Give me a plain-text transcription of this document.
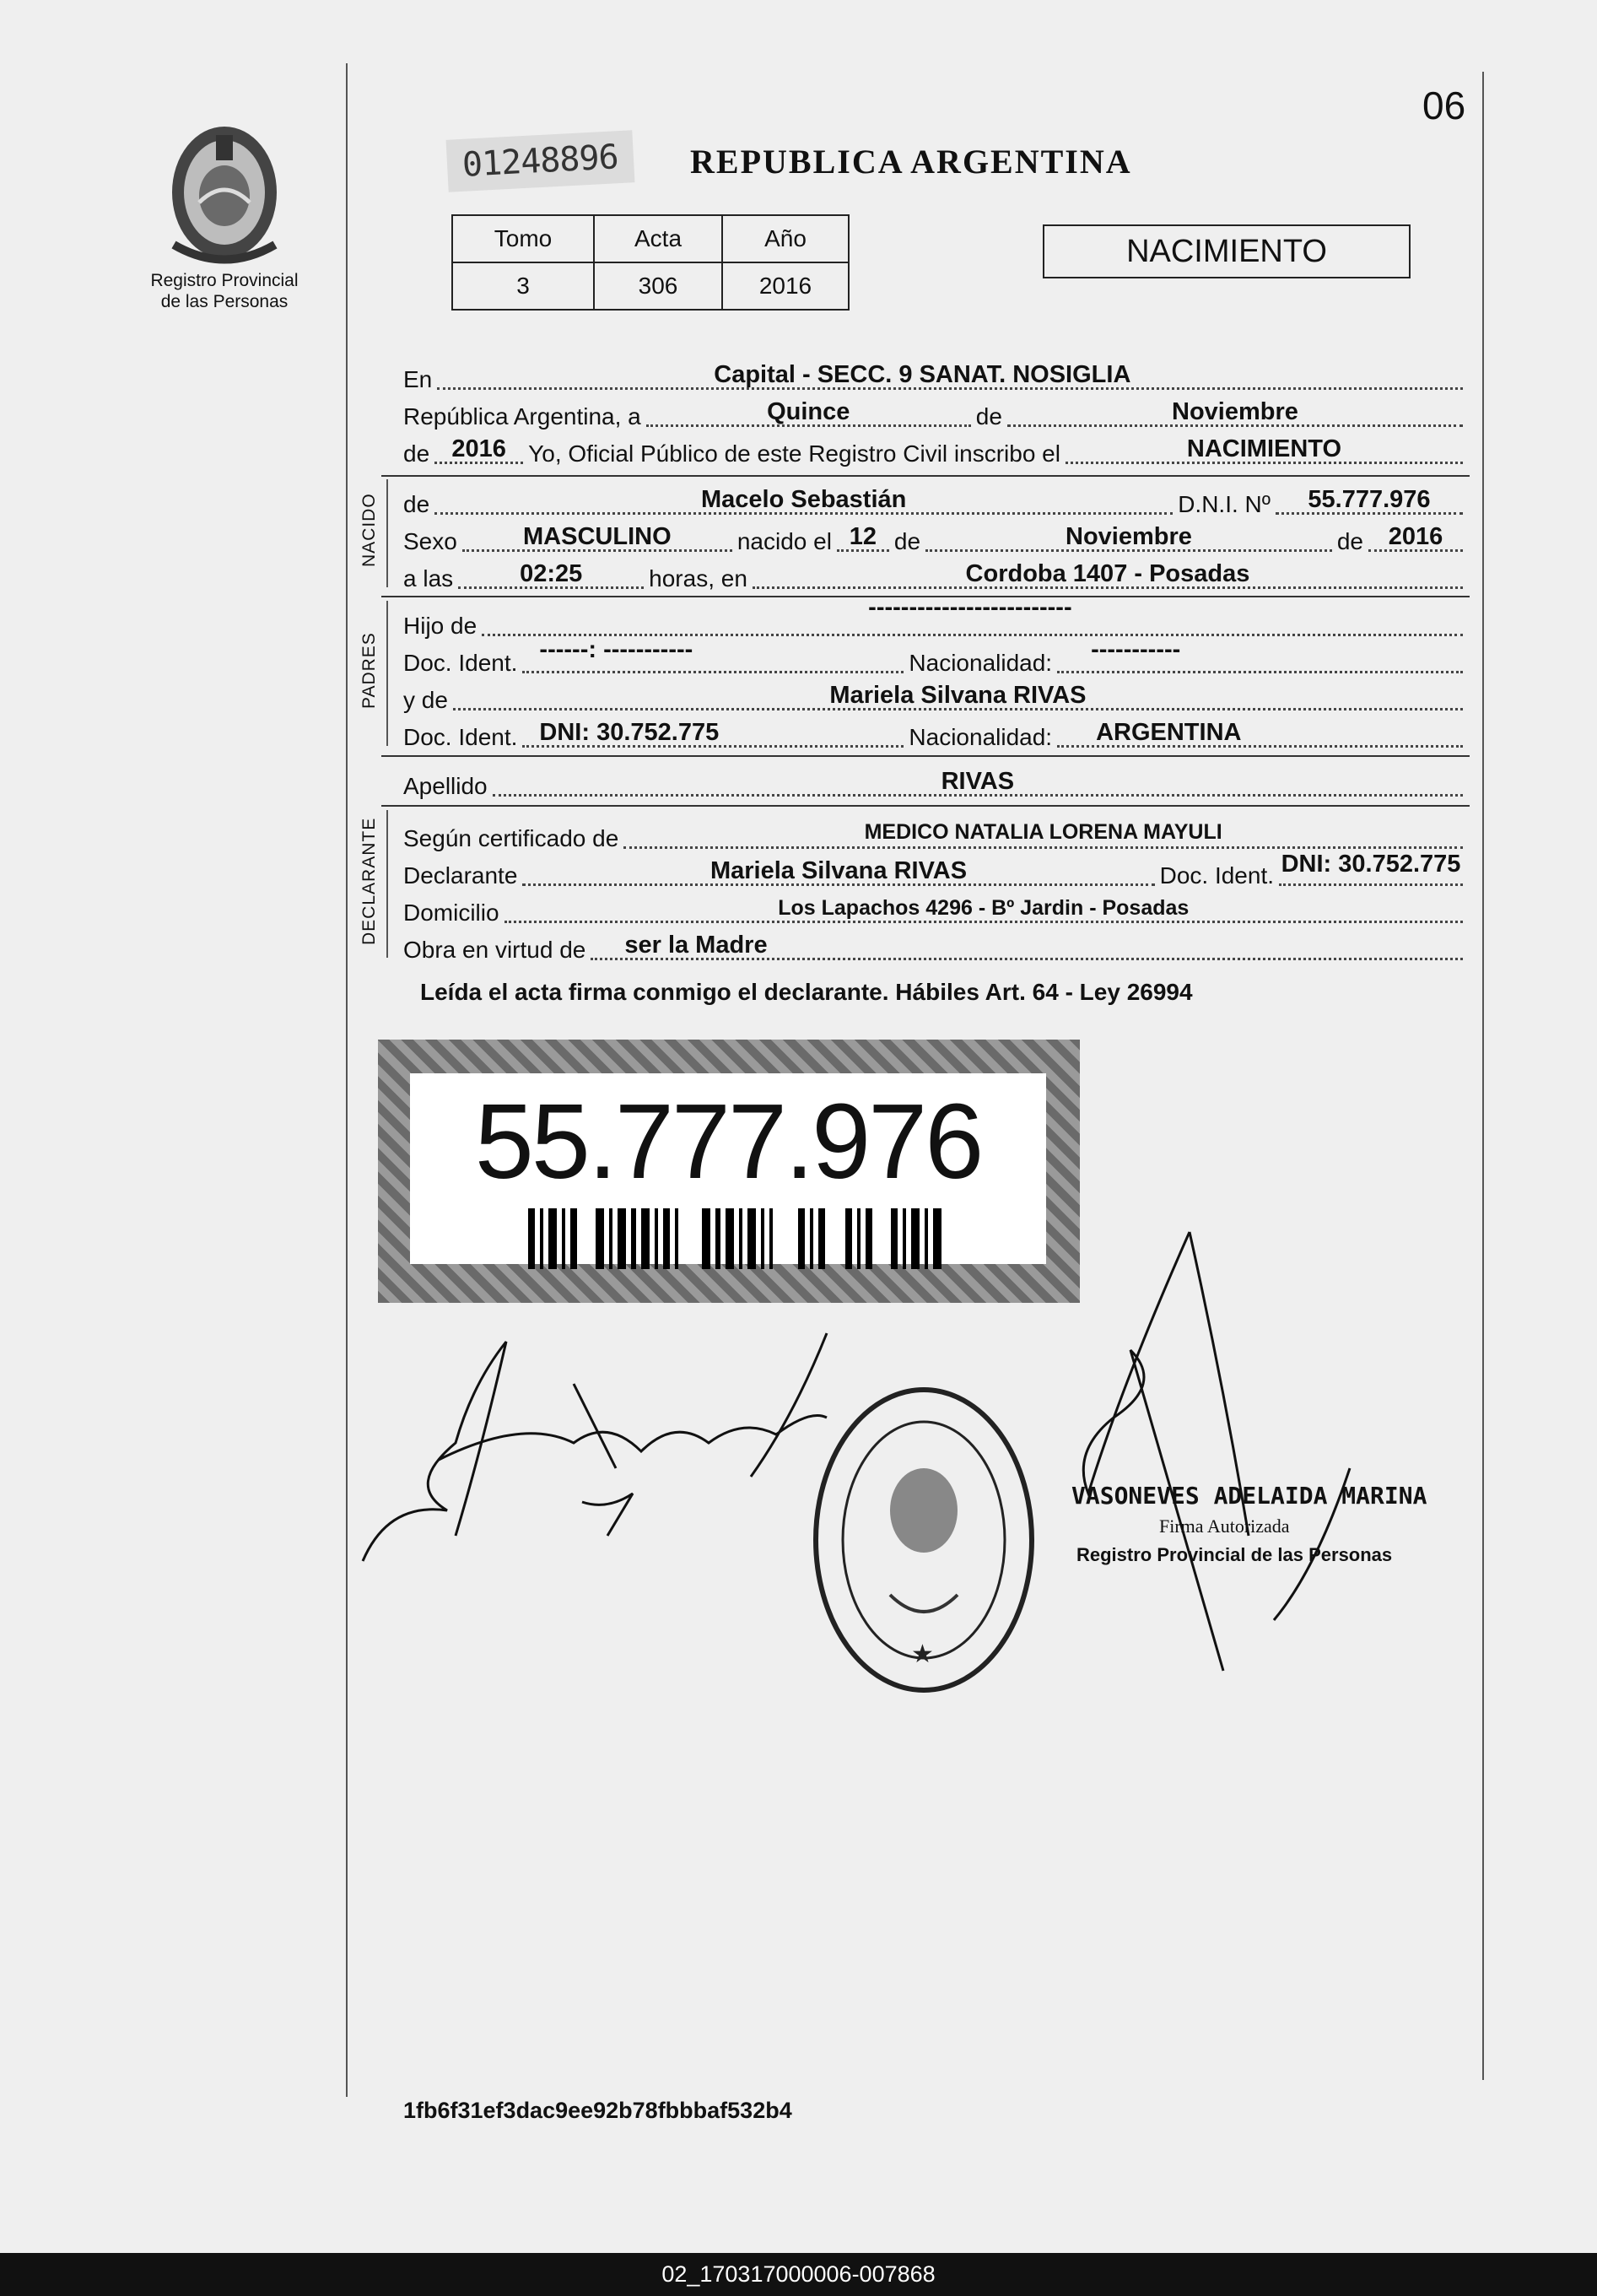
06
Registro Provincial
de las Personas
01248896	REPUBLICA ARGENTINA
Tomo	Acta	Año
3	306	2016
NACIMIENTO
En	Capital - SECC. 9 SANAT. NOSIGLIA
República Argentina, a	Quince	de	Noviembre
de 2016 Yo, Oficial Público de este Registro Civil inscribo el	NACIMIENTO
NACIDO
PADRES
DECLARANTE
de	Macelo Sebastián	D.N.I. Nº 55.777.976
Sexo	MASCULINO	nacido el 12 de	Noviembre	de 2016
a las	02:25	horas, en	Cordoba 1407 - Posadas
Hijo de
-------------------------
Doc. Ident. ------: -----------	Nacionalidad: -----------
y de	Mariela Silvana RIVAS
Doc. Ident. DNI: 30.752.775	Nacionalidad: ARGENTINA
Apellido	RIVAS
Según certificado de	MEDICO NATALIA LORENA MAYULI
Declarante	Mariela Silvana RIVAS	Doc. Ident. DNI: 30.752.775
Domicilio	Los Lapachos 4296 - Bº Jardin - Posadas
Obra en virtud de ser la Madre
Leída el acta firma conmigo el declarante. Hábiles Art. 64 - Ley 26994
55.777.976
★
VASONEVES ADELAIDA MARINA
Firma Autorizada
Registro Provincial de las Personas
1fb6f31ef3dac9ee92b78fbbbaf532b4
02_170317000006-007868
